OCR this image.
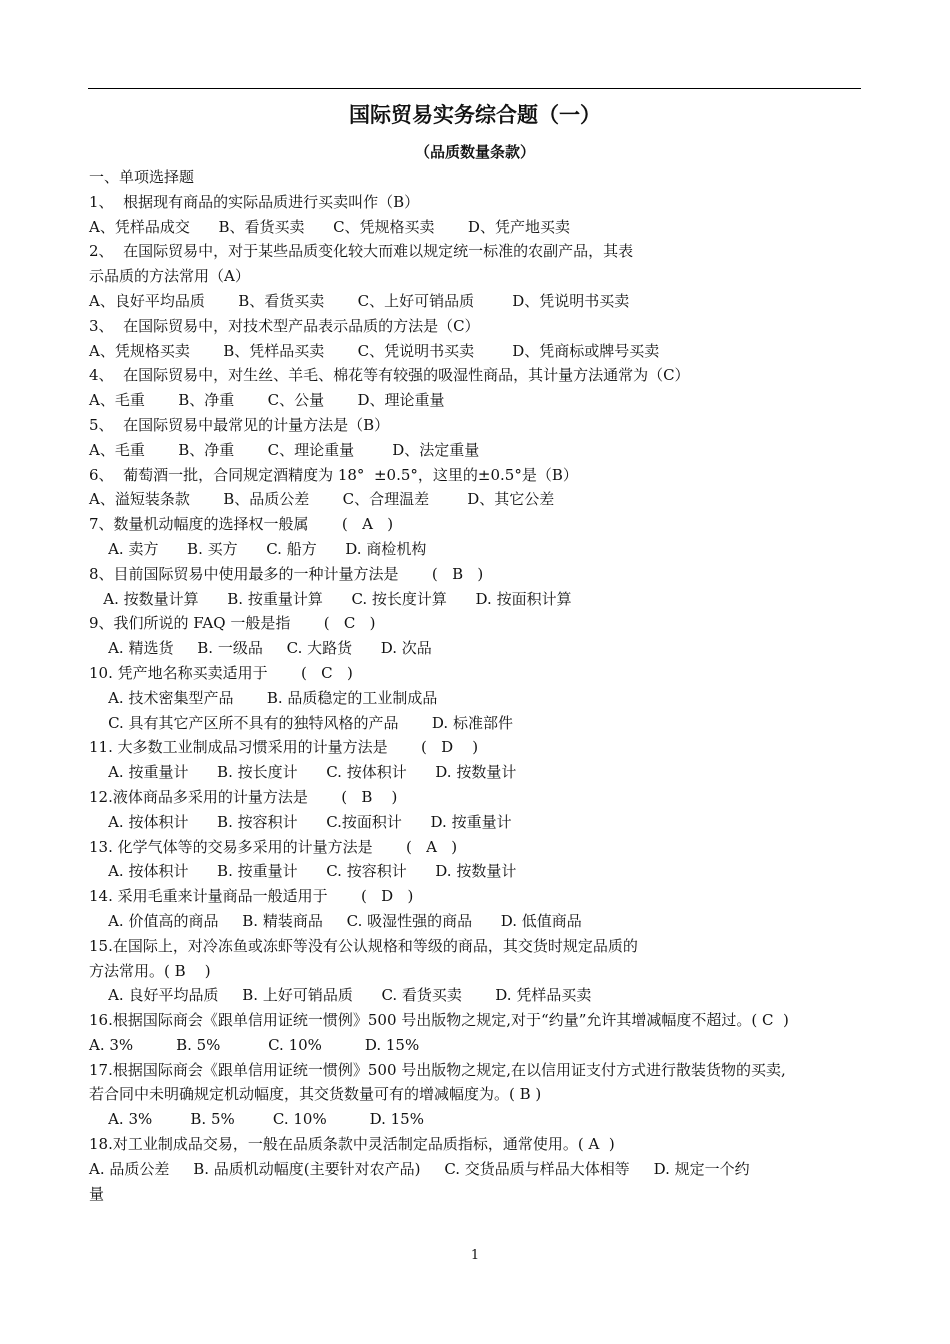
国际贸易实务综合题（一）
（品质数量条款）
一、单项选择题
1、  根据现有商品的实际品质进行买卖叫作（B）
A、凭样品成交      B、看货买卖      C、凭规格买卖       D、凭产地买卖
2、  在国际贸易中，对于某些品质变化较大而难以规定统一标准的农副产品，其表
示品质的方法常用（A）
A、良好平均品质       B、看货买卖       C、上好可销品质        D、凭说明书买卖
3、  在国际贸易中，对技术型产品表示品质的方法是（C）
A、凭规格买卖       B、凭样品买卖       C、凭说明书买卖        D、凭商标或牌号买卖
4、  在国际贸易中，对生丝、羊毛、棉花等有较强的吸湿性商品，其计量方法通常为（C）
A、毛重       B、净重       C、公量       D、理论重量
5、  在国际贸易中最常见的计量方法是（B）
A、毛重       B、净重       C、理论重量        D、法定重量
6、  葡萄酒一批，合同规定酒精度为 18°  ±0.5°，这里的±0.5°是（B）
A、溢短装条款       B、品质公差       C、合理温差        D、其它公差
7、数量机动幅度的选择权一般属       (   A   )
A. 卖方      B. 买方      C. 船方      D. 商检机构
8、目前国际贸易中使用最多的一种计量方法是       (   B   )
A. 按数量计算      B. 按重量计算      C. 按长度计算      D. 按面积计算
9、我们所说的 FAQ 一般是指       (   C   )
A. 精选货     B. 一级品     C. 大路货      D. 次品
10. 凭产地名称买卖适用于       (   C   )
A. 技术密集型产品       B. 品质稳定的工业制成品
C. 具有其它产区所不具有的独特风格的产品       D. 标准部件
11. 大多数工业制成品习惯采用的计量方法是       (   D    )
A. 按重量计      B. 按长度计      C. 按体积计      D. 按数量计
12.液体商品多采用的计量方法是       (   B    )
A. 按体积计      B. 按容积计      C.按面积计      D. 按重量计
13. 化学气体等的交易多采用的计量方法是       (   A   )
A. 按体积计      B. 按重量计      C. 按容积计      D. 按数量计
14. 采用毛重来计量商品一般适用于       (   D   )
A. 价值高的商品     B. 精装商品     C. 吸湿性强的商品      D. 低值商品
15.在国际上，对冷冻鱼或冻虾等没有公认规格和等级的商品，其交货时规定品质的
方法常用。( B    )
A. 良好平均品质     B. 上好可销品质      C. 看货买卖       D. 凭样品买卖
16.根据国际商会《跟单信用证统一惯例》500 号出版物之规定,对于“约量”允许其增减幅度不超过。( C  )
A. 3%         B. 5%          C. 10%         D. 15%
17.根据国际商会《跟单信用证统一惯例》500 号出版物之规定,在以信用证支付方式进行散装货物的买卖,
若合同中未明确规定机动幅度，其交货数量可有的增减幅度为。( B )
A. 3%        B. 5%        C. 10%         D. 15%
18.对工业制成品交易，一般在品质条款中灵活制定品质指标，通常使用。( A  )
A. 品质公差     B. 品质机动幅度(主要针对农产品)     C. 交货品质与样品大体相等     D. 规定一个约
量
1
